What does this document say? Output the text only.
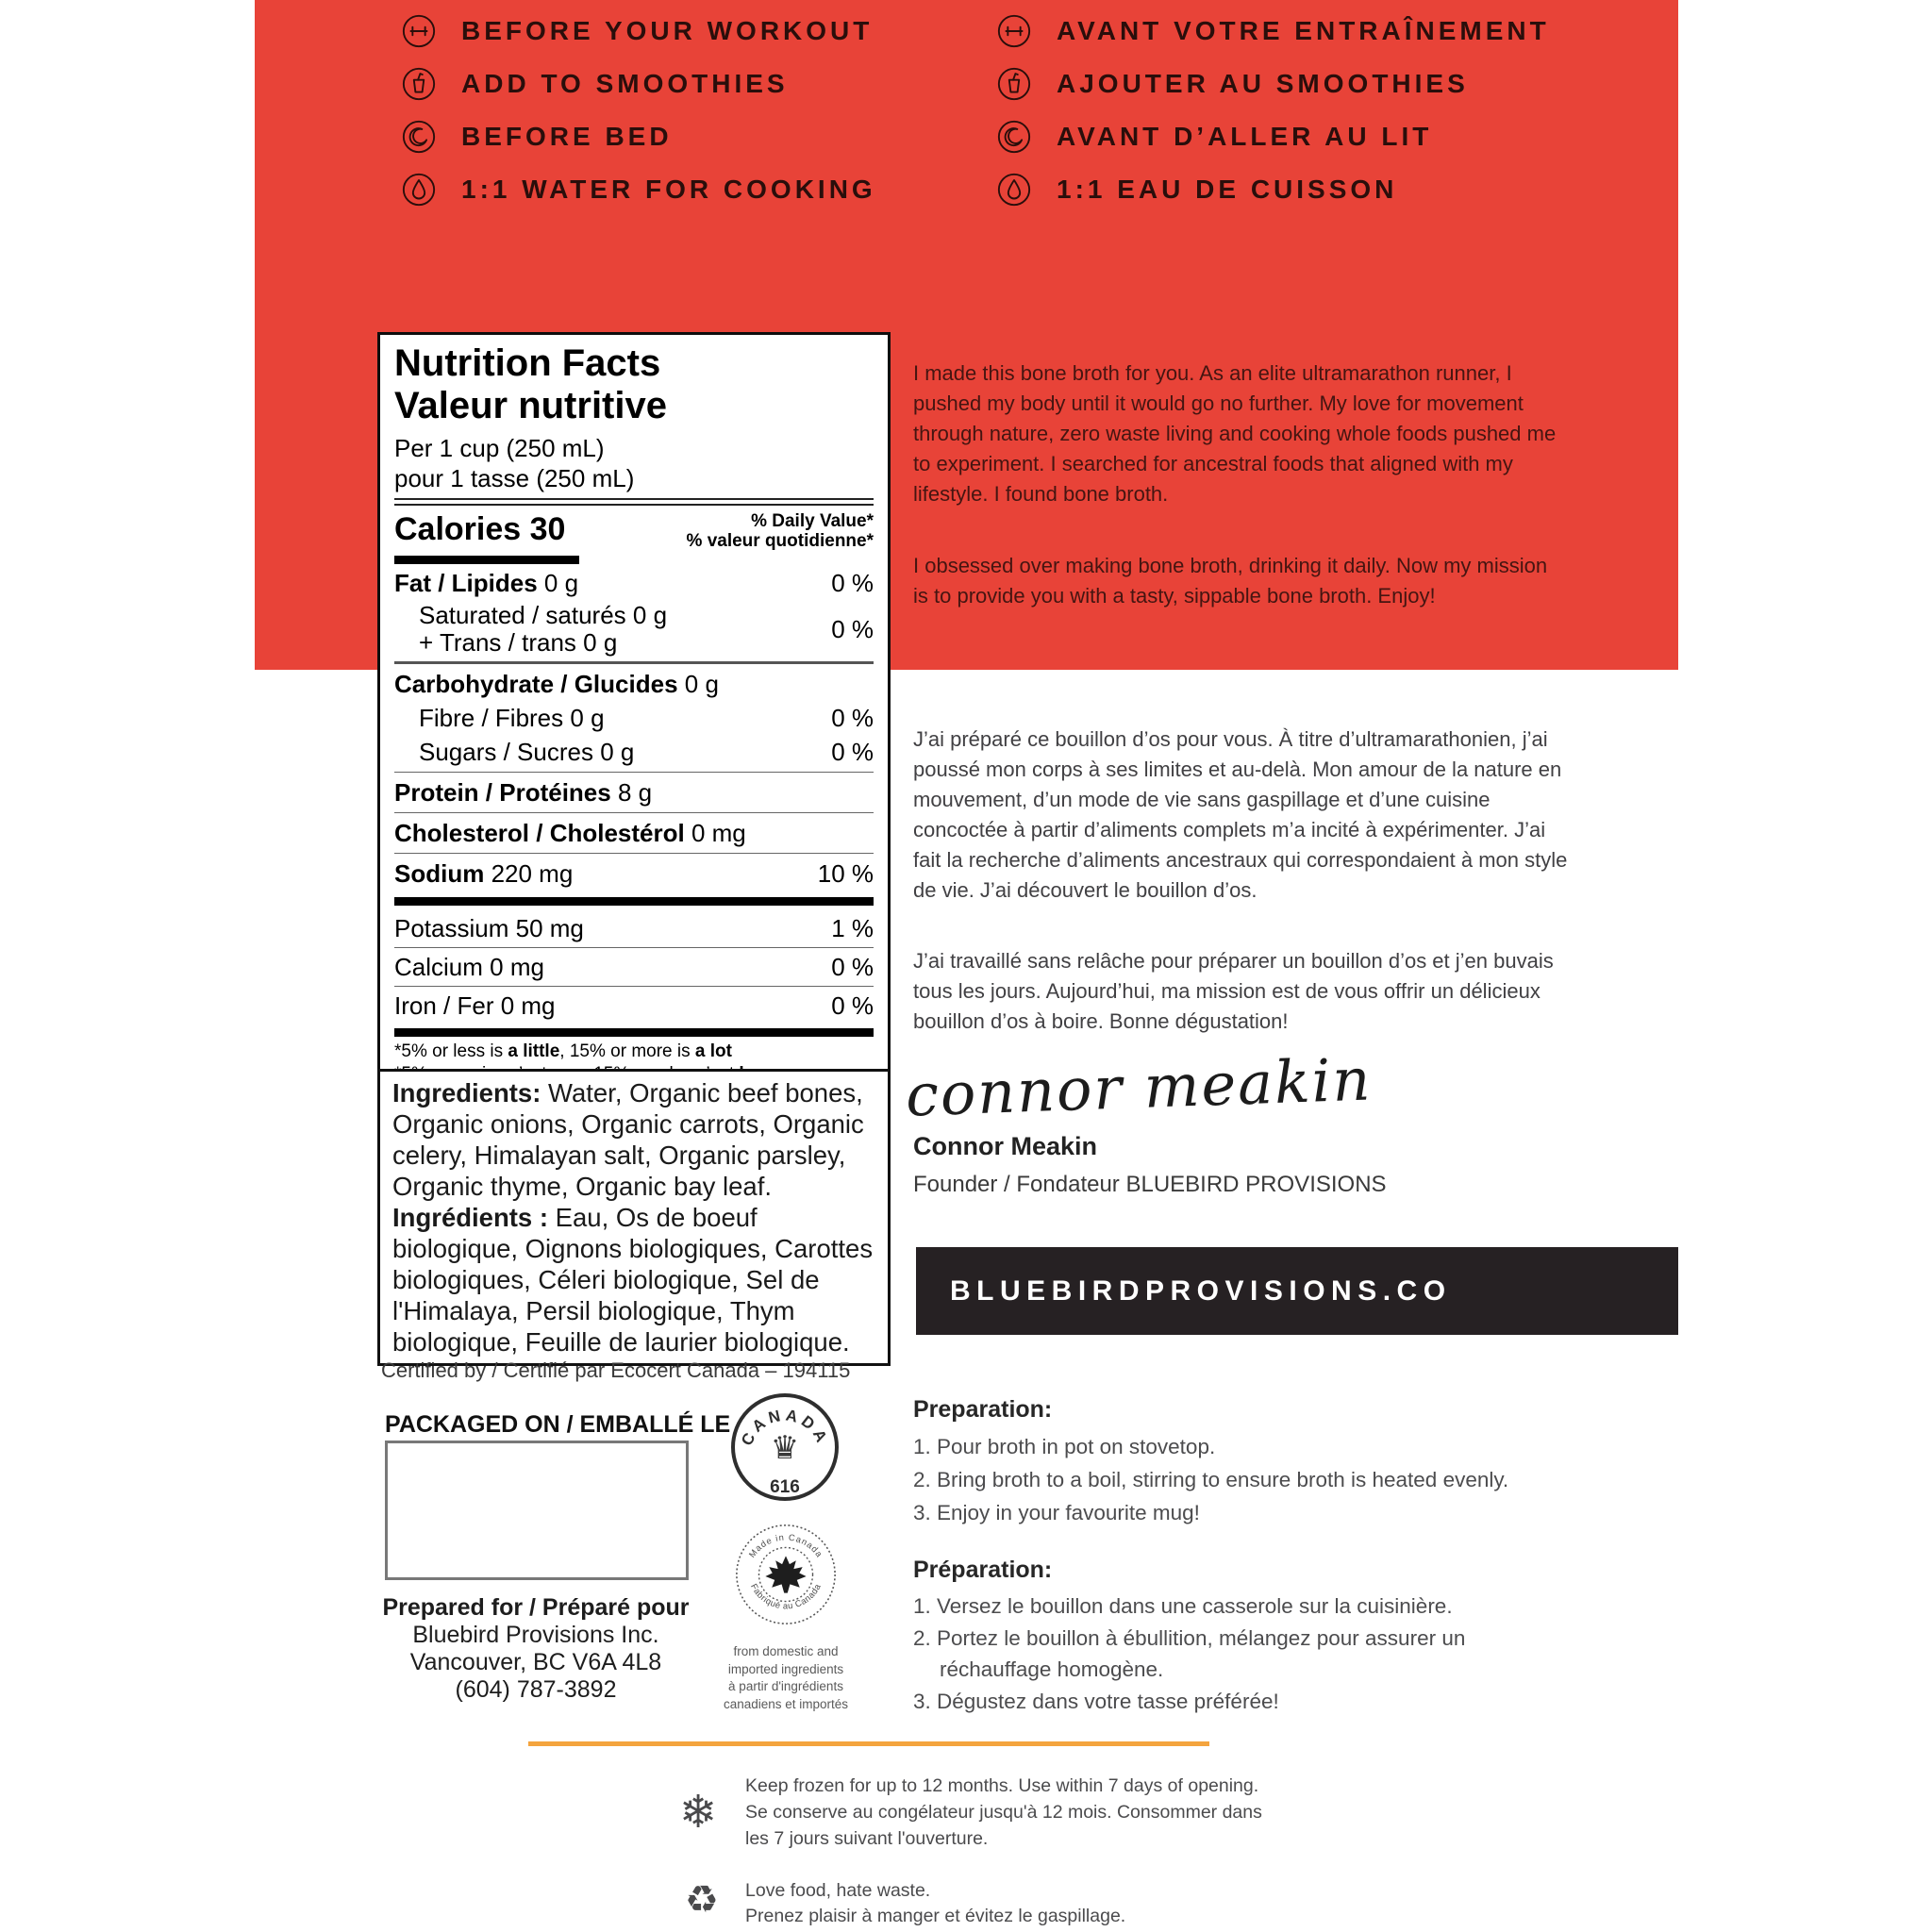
BEFORE YOUR WORKOUT
ADD TO SMOOTHIES
BEFORE BED
1:1 WATER FOR COOKING
AVANT VOTRE ENTRAÎNEMENT
AJOUTER AU SMOOTHIES
AVANT D’ALLER AU LIT
1:1 EAU DE CUISSON
I made this bone broth for you. As an elite ultramarathon runner, I pushed my body until it would go no further. My love for movement through nature, zero waste living and cooking whole foods pushed me to experiment. I searched for ancestral foods that aligned with my lifestyle. I found bone broth.
I obsessed over making bone broth, drinking it daily. Now my mission is to provide you with a tasty, sippable bone broth. Enjoy!
Nutrition Facts
Valeur nutritive
Per 1 cup (250 mL)
pour 1 tasse (250 mL)
Calories 30	% Daily Value*
% valeur quotidienne*
Fat / Lipides 0 g	0 %
Saturated / saturés 0 g
+ Trans / trans 0 g	0 %
Carbohydrate / Glucides 0 g
Fibre / Fibres 0 g	0 %
Sugars / Sucres 0 g	0 %
Protein / Protéines 8 g
Cholesterol / Cholestérol 0 mg
Sodium 220 mg	10 %
Potassium 50 mg	1 %
Calcium 0 mg	0 %
Iron / Fer 0 mg	0 %
*5% or less is a little, 15% or more is a lot
Ingredients: Water, Organic beef bones, Organic onions, Organic carrots, Organic celery, Himalayan salt, Organic parsley, Organic thyme, Organic bay leaf. Ingrédients : Eau, Os de boeuf biologique, Oignons biologiques, Carottes biologiques, Céleri biologique, Sel de l'Himalaya, Persil biologique, Thym biologique, Feuille de laurier biologique.
Certified by / Certifié par Ecocert Canada – 194115
PACKAGED ON / EMBALLÉ LE
Prepared for / Préparé pour
Bluebird Provisions Inc.
Vancouver, BC V6A 4L8
(604) 787-3892
CANADA
♛
616
Made in Canada
Fabriqué au Canada
from domestic and
imported ingredients
à partir d'ingrédients
canadiens et importés
J’ai préparé ce bouillon d’os pour vous. À titre d’ultramarathonien, j’ai poussé mon corps à ses limites et au-delà. Mon amour de la nature en mouvement, d’un mode de vie sans gaspillage et d’une cuisine concoctée à partir d’aliments complets m’a incité à expérimenter. J’ai fait la recherche d’aliments ancestraux qui correspondaient à mon style de vie. J’ai découvert le bouillon d’os.
J’ai travaillé sans relâche pour préparer un bouillon d’os et j’en buvais tous les jours. Aujourd’hui, ma mission est de vous offrir un délicieux bouillon d’os à boire. Bonne dégustation!
connor meakin
Connor Meakin
Founder / Fondateur BLUEBIRD PROVISIONS
BLUEBIRDPROVISIONS.CO
Preparation:
1. Pour broth in pot on stovetop.
2. Bring broth to a boil, stirring to ensure broth is heated evenly.
3. Enjoy in your favourite mug!
Préparation:
1. Versez le bouillon dans une casserole sur la cuisinière.
2. Portez le bouillon à ébullition, mélangez pour assurer un
réchauffage homogène.
3. Dégustez dans votre tasse préférée!
❄ Keep frozen for up to 12 months. Use within 7 days of opening.
Se conserve au congélateur jusqu'à 12 mois. Consommer dans
les 7 jours suivant l'ouverture.
♻ Love food, hate waste.
Prenez plaisir à manger et évitez le gaspillage.
